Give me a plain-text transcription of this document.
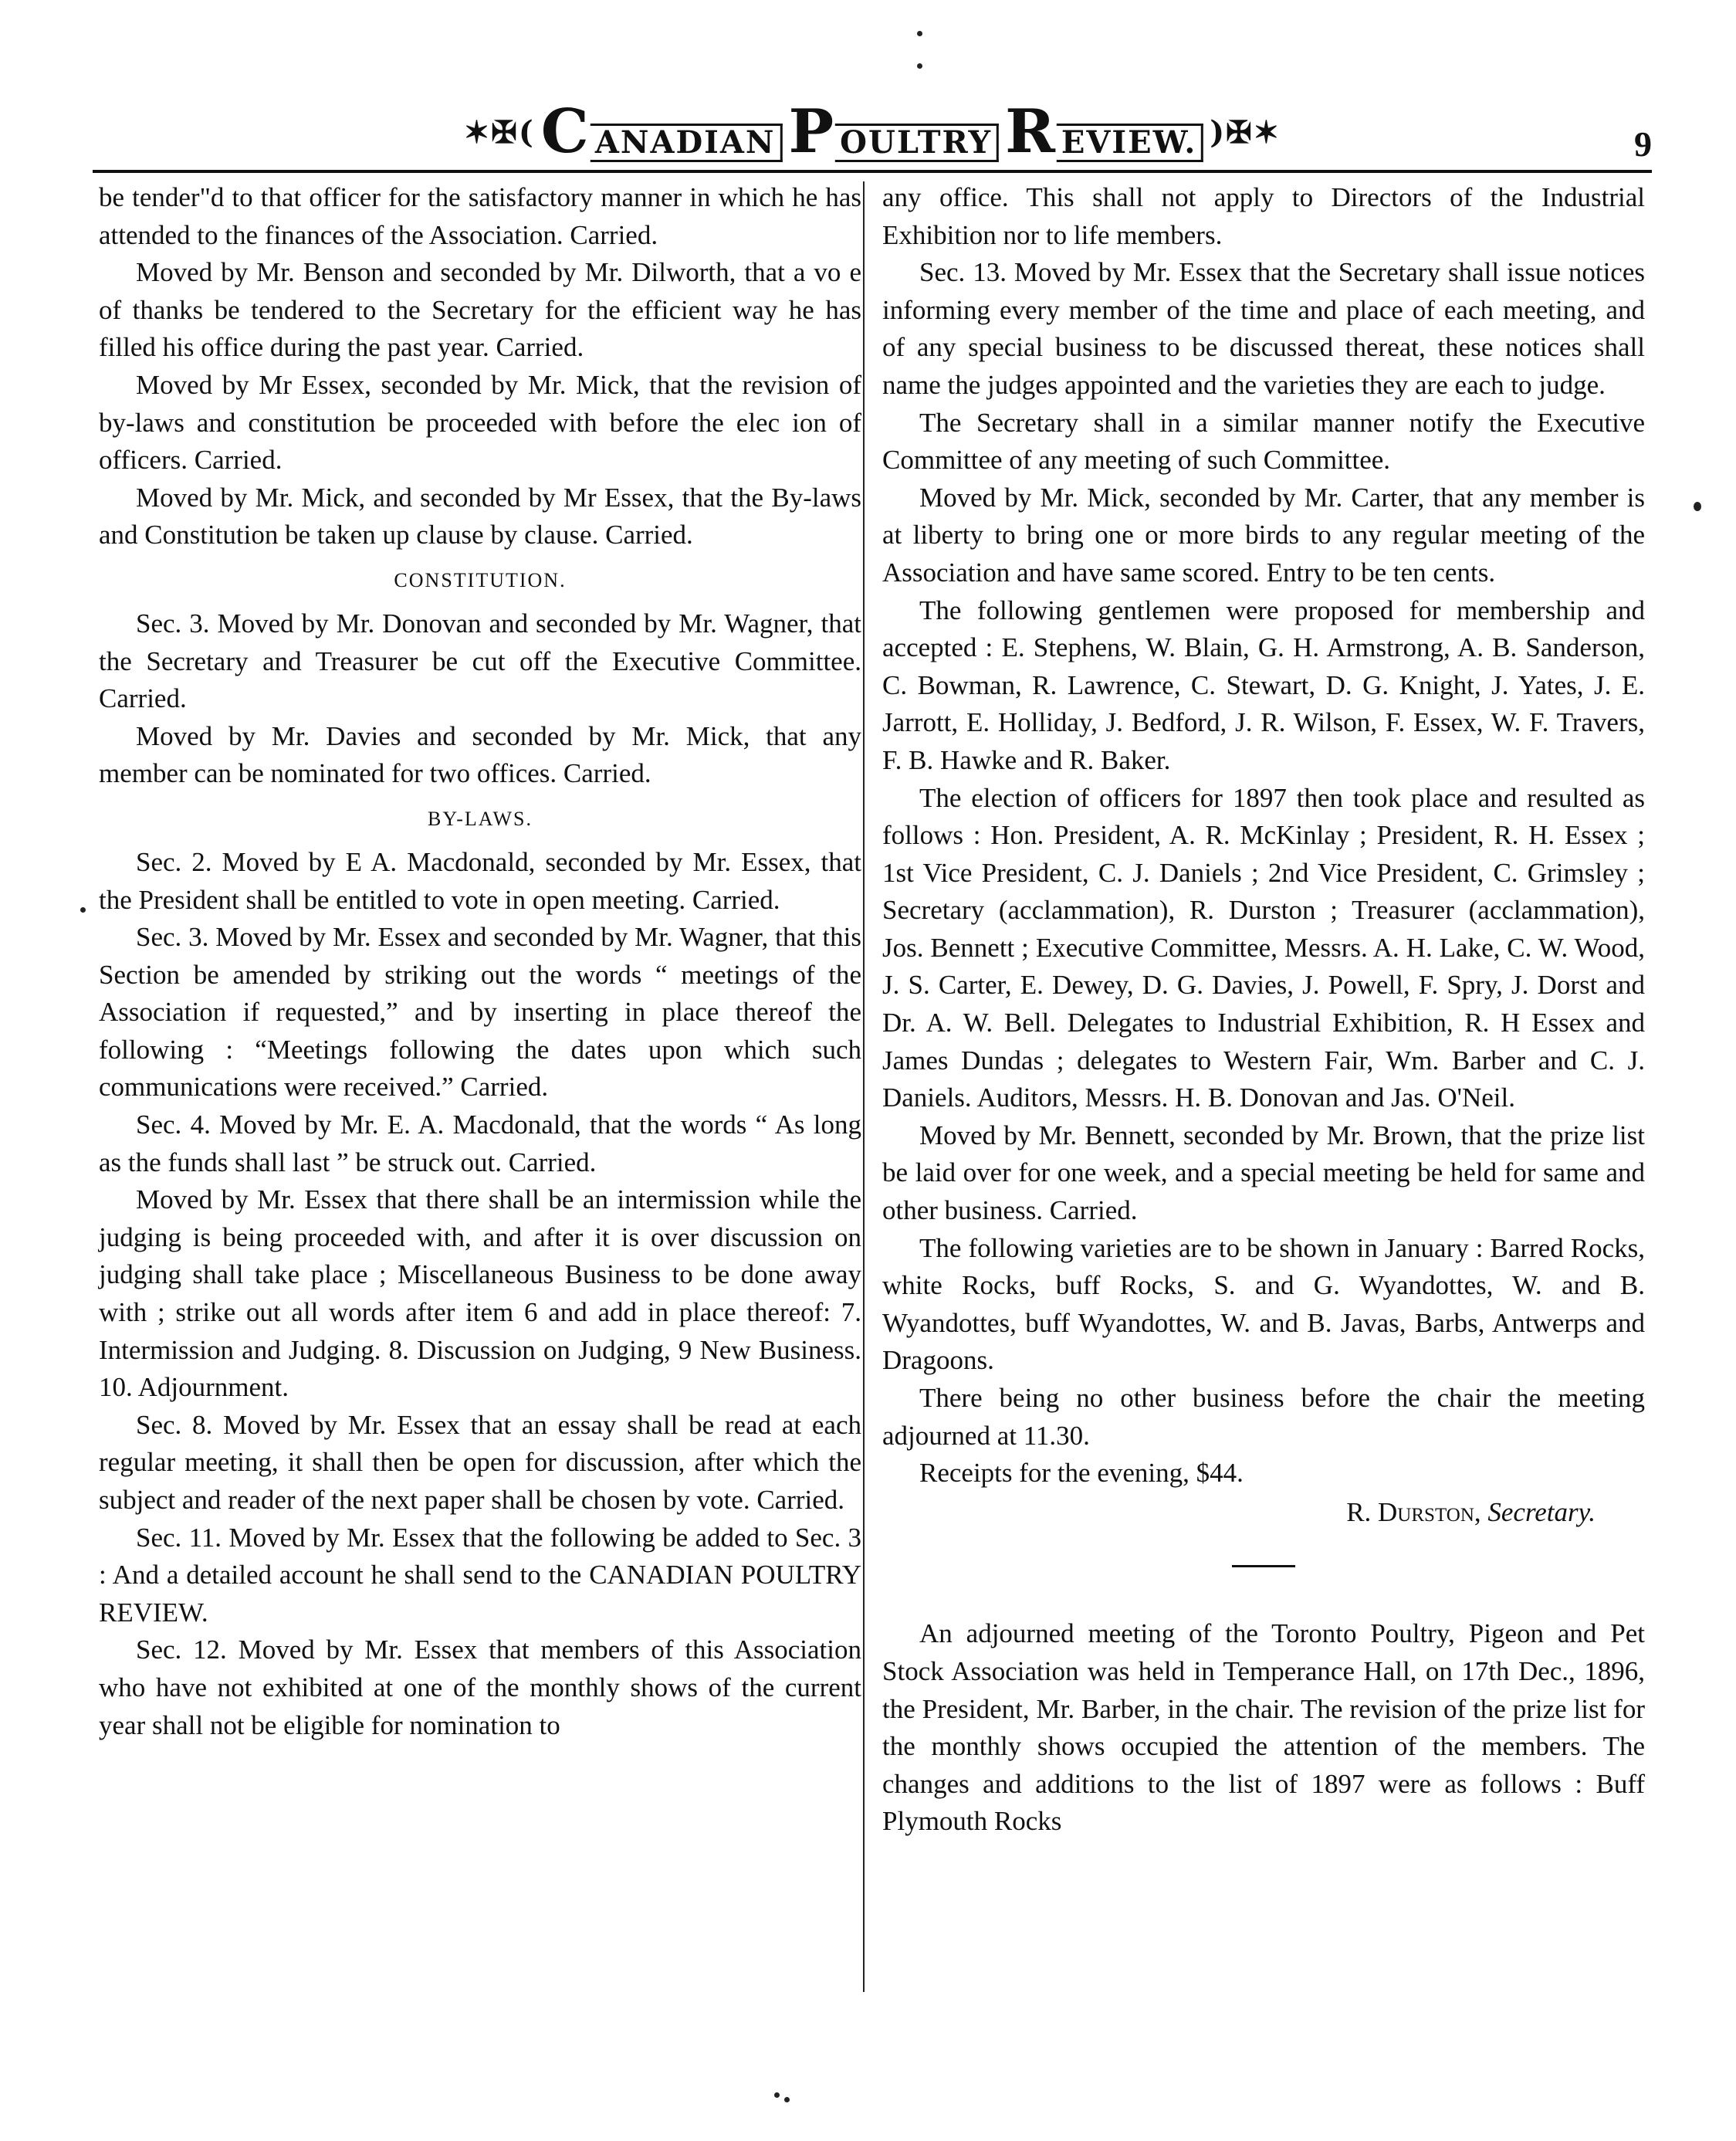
✶✠( C ANADIAN P OULTRY R EVIEW. )✠✶	9

be tender"d to that officer for the satisfactory manner in which he has attended to the finances of the Association. Carried.

Moved by Mr. Benson and seconded by Mr. Dilworth, that a vo e of thanks be tendered to the Secretary for the efficient way he has filled his office during the past year. Carried.

Moved by Mr Essex, seconded by Mr. Mick, that the revision of by-laws and constitution be proceeded with before the elec ion of officers. Carried.

Moved by Mr. Mick, and seconded by Mr Essex, that the By-laws and Constitution be taken up clause by clause. Carried.

CONSTITUTION.

Sec. 3. Moved by Mr. Donovan and seconded by Mr. Wagner, that the Secretary and Treasurer be cut off the Executive Committee. Carried.

Moved by Mr. Davies and seconded by Mr. Mick, that any member can be nominated for two offices. Carried.

BY-LAWS.

Sec. 2. Moved by E A. Macdonald, seconded by Mr. Essex, that the President shall be entitled to vote in open meeting. Carried.

Sec. 3. Moved by Mr. Essex and seconded by Mr. Wagner, that this Section be amended by striking out the words “ meetings of the Association if requested,” and by inserting in place thereof the following : “Meetings following the dates upon which such communications were received.” Carried.

Sec. 4. Moved by Mr. E. A. Macdonald, that the words “ As long as the funds shall last ” be struck out. Carried.

Moved by Mr. Essex that there shall be an intermission while the judging is being proceeded with, and after it is over discussion on judging shall take place ; Miscellaneous Business to be done away with ; strike out all words after item 6 and add in place thereof: 7. Intermission and Judging. 8. Discussion on Judging, 9 New Business. 10. Adjournment.

Sec. 8. Moved by Mr. Essex that an essay shall be read at each regular meeting, it shall then be open for discussion, after which the subject and reader of the next paper shall be chosen by vote. Carried.

Sec. 11. Moved by Mr. Essex that the following be added to Sec. 3 : And a detailed account he shall send to the CANADIAN POULTRY REVIEW.

Sec. 12. Moved by Mr. Essex that members of this Association who have not exhibited at one of the monthly shows of the current year shall not be eligible for nomination to

any office. This shall not apply to Directors of the Industrial Exhibition nor to life members.

Sec. 13. Moved by Mr. Essex that the Secretary shall issue notices informing every member of the time and place of each meeting, and of any special business to be discussed thereat, these notices shall name the judges appointed and the varieties they are each to judge.

The Secretary shall in a similar manner notify the Executive Committee of any meeting of such Committee.

Moved by Mr. Mick, seconded by Mr. Carter, that any member is at liberty to bring one or more birds to any regular meeting of the Association and have same scored. Entry to be ten cents.

The following gentlemen were proposed for membership and accepted : E. Stephens, W. Blain, G. H. Armstrong, A. B. Sanderson, C. Bowman, R. Lawrence, C. Stewart, D. G. Knight, J. Yates, J. E. Jarrott, E. Holliday, J. Bedford, J. R. Wilson, F. Essex, W. F. Travers, F. B. Hawke and R. Baker.

The election of officers for 1897 then took place and resulted as follows : Hon. President, A. R. McKinlay ; President, R. H. Essex ; 1st Vice President, C. J. Daniels ; 2nd Vice President, C. Grimsley ; Secretary (acclammation), R. Durston ; Treasurer (acclammation), Jos. Bennett ; Executive Committee, Messrs. A. H. Lake, C. W. Wood, J. S. Carter, E. Dewey, D. G. Davies, J. Powell, F. Spry, J. Dorst and Dr. A. W. Bell. Delegates to Industrial Exhibition, R. H Essex and James Dundas ; delegates to Western Fair, Wm. Barber and C. J. Daniels. Auditors, Messrs. H. B. Donovan and Jas. O'Neil.

Moved by Mr. Bennett, seconded by Mr. Brown, that the prize list be laid over for one week, and a special meeting be held for same and other business. Carried.

The following varieties are to be shown in January : Barred Rocks, white Rocks, buff Rocks, S. and G. Wyandottes, W. and B. Wyandottes, buff Wyandottes, W. and B. Javas, Barbs, Antwerps and Dragoons.

There being no other business before the chair the meeting adjourned at 11.30.

Receipts for the evening, $44.

R. Durston, Secretary.

An adjourned meeting of the Toronto Poultry, Pigeon and Pet Stock Association was held in Temperance Hall, on 17th Dec., 1896, the President, Mr. Barber, in the chair. The revision of the prize list for the monthly shows occupied the attention of the members. The changes and additions to the list of 1897 were as follows : Buff Plymouth Rocks
